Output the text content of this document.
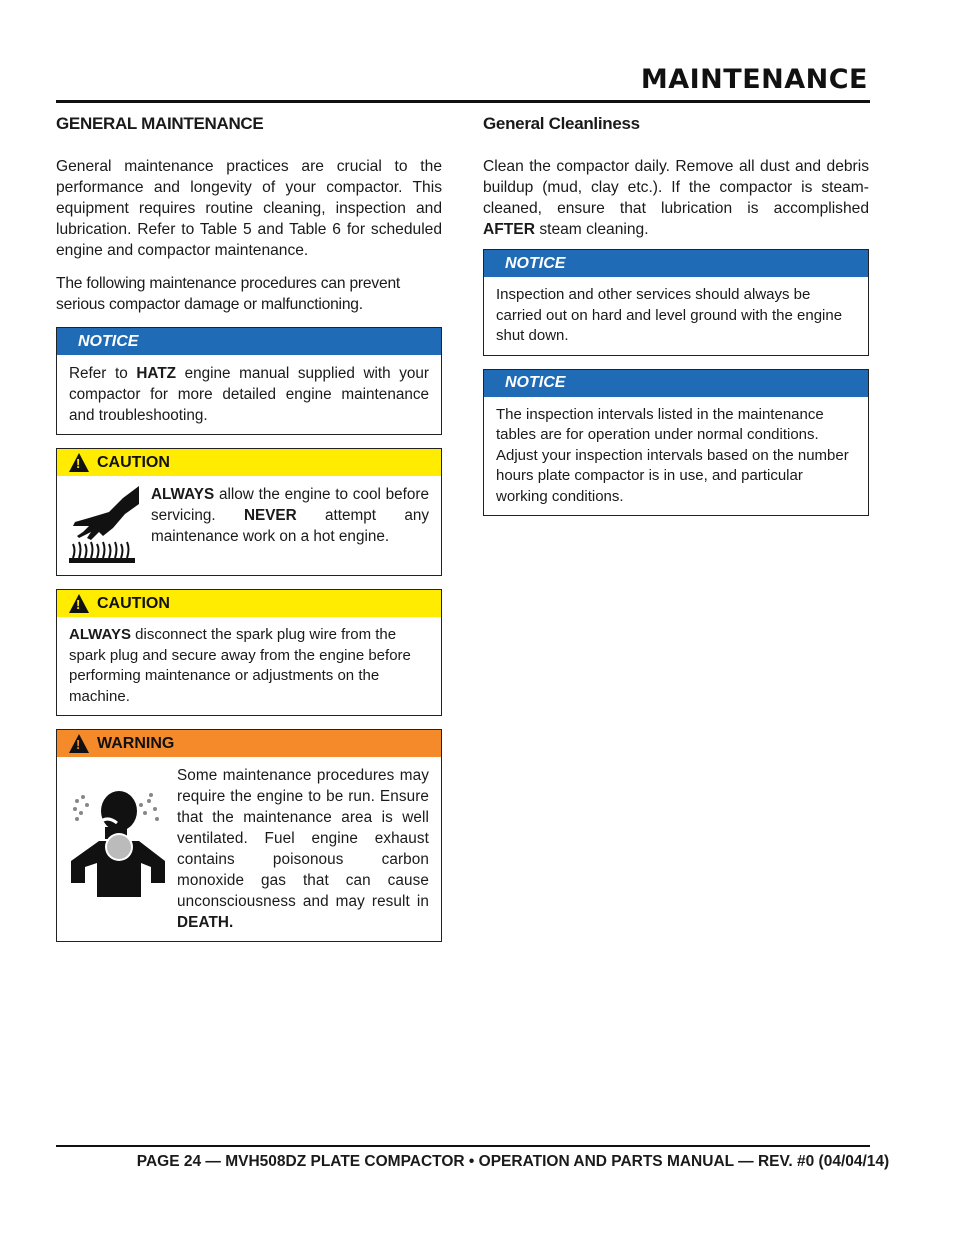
MAINTENANCE
GENERAL MAINTENANCE

General maintenance practices are crucial to the performance and longevity of your compactor. This equipment requires routine cleaning, inspection and lubrication. Refer to Table 5 and Table 6 for scheduled engine and compactor maintenance.

The following maintenance procedures can prevent serious compactor damage or malfunctioning.

NOTICE
Refer to HATZ engine manual supplied with your compactor for more detailed engine maintenance and troubleshooting.
! CAUTION
ALWAYS allow the engine to cool before servicing. NEVER attempt any maintenance work on a hot engine.
! CAUTION
ALWAYS disconnect the spark plug wire from the spark plug and secure away from the engine before performing maintenance or adjustments on the machine.
! WARNING
Some maintenance procedures may require the engine to be run. Ensure that the maintenance area is well ventilated. Fuel engine exhaust contains poisonous carbon monoxide gas that can cause unconsciousness and may result in DEATH.
General Cleanliness

Clean the compactor daily. Remove all dust and debris buildup (mud, clay etc.). If the compactor is steam-cleaned, ensure that lubrication is accomplished AFTER steam cleaning.

NOTICE
Inspection and other services should always be carried out on hard and level ground with the engine shut down.
NOTICE
The inspection intervals listed in the maintenance tables are for operation under normal conditions. Adjust your inspection intervals based on the number hours plate compactor is in use, and particular working conditions.
PAGE 24 — MVH508DZ PLATE COMPACTOR • OPERATION AND PARTS MANUAL — REV. #0 (04/04/14)
